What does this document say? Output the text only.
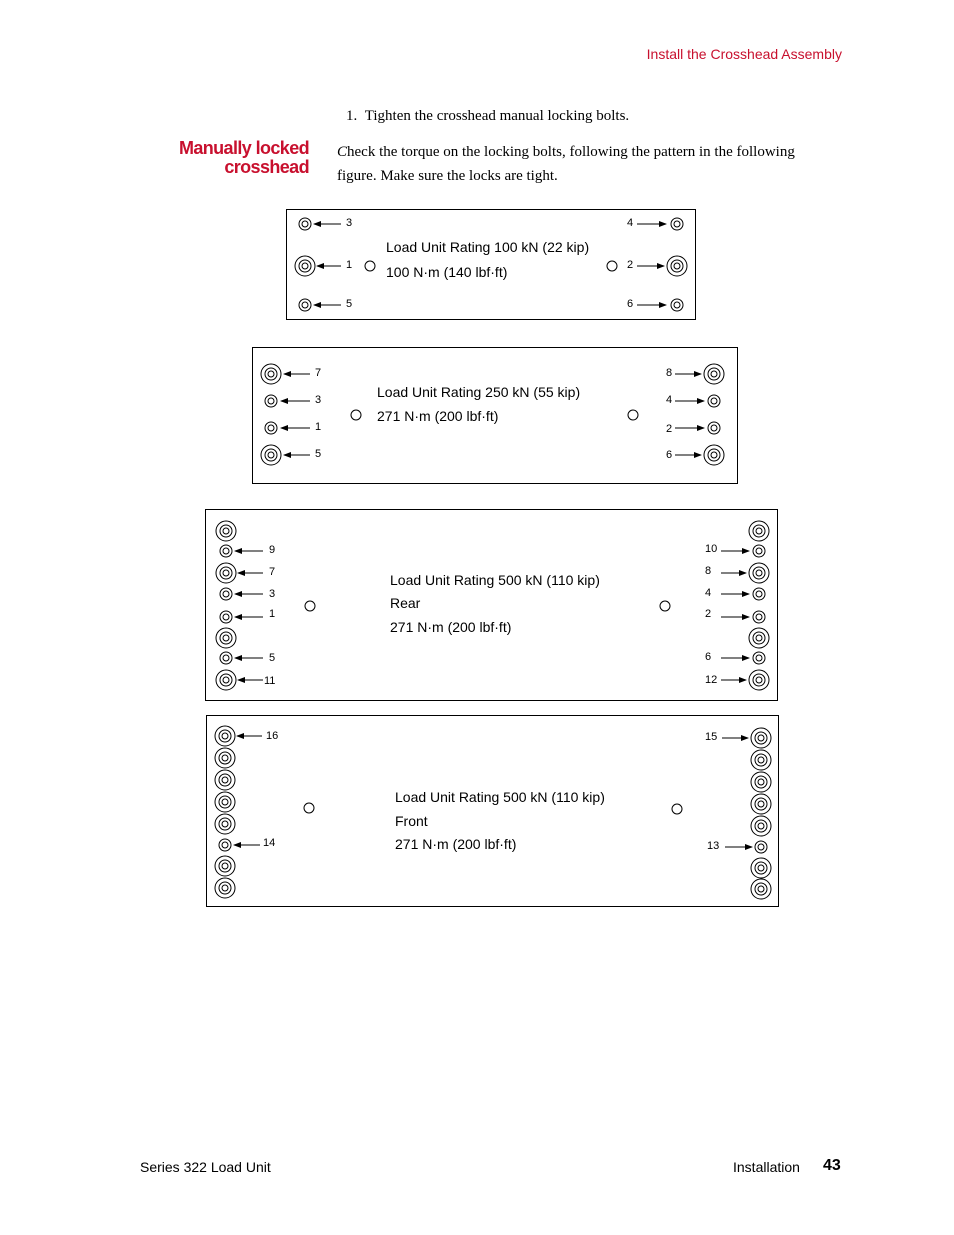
Install the Crosshead Assembly
1. Tighten the crosshead manual locking bolts.
Manually locked
crosshead
Check the torque on the locking bolts, following the pattern in the following figure. Make sure the locks are tight.
3
1
5
4
2
6
Load Unit Rating 100 kN (22 kip)
100 N·m (140 lbf·ft)
7
3
1
5
8
4
2
6
Load Unit Rating 250 kN (55 kip)
271 N·m (200 lbf·ft)
9
7
3
1
5
11
10
8
4
2
6
12
Load Unit Rating 500 kN (110 kip)
Rear
271 N·m (200 lbf·ft)
16
14
15
13
Load Unit Rating 500 kN (110 kip)
Front
271 N·m (200 lbf·ft)
Series 322 Load Unit	Installation 43
